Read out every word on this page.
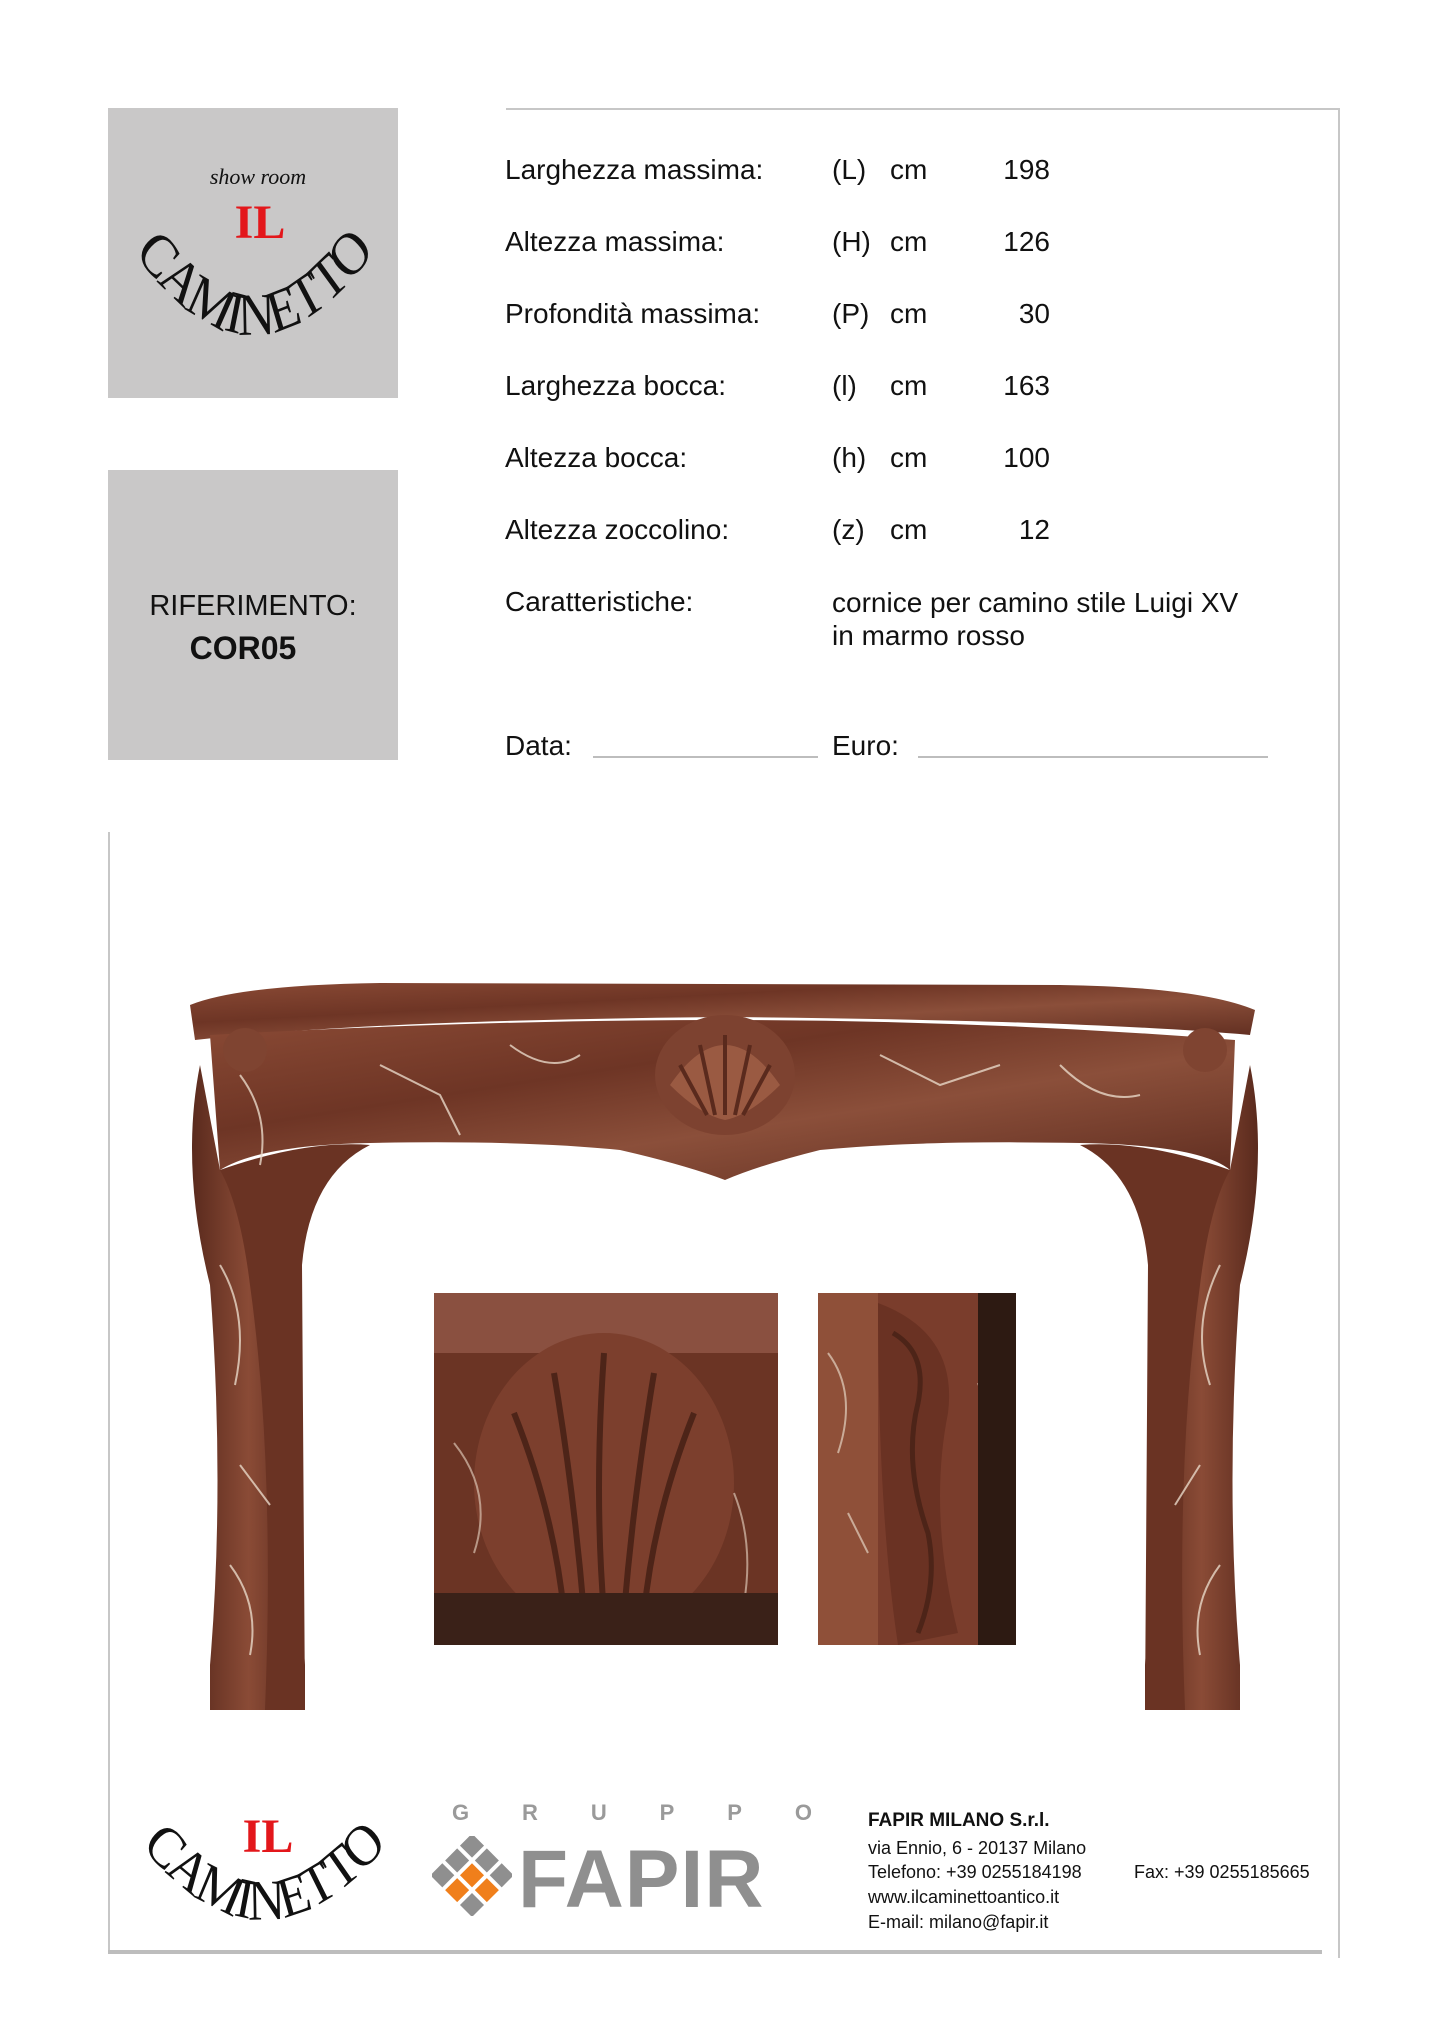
show room
IL
CAMINETTO
RIFERIMENTO:
COR05
Larghezza massima: (L) cm	198
Altezza massima:	(H) cm	126
Profondità massima:	(P) cm	30
Larghezza bocca:	(l) cm	163
Altezza bocca:	(h) cm	100
Altezza zoccolino:	(z) cm	12
Caratteristiche:	cornice per camino stile Luigi XV
in marmo rosso
Data:	Euro:
IL
CAMINETTO	G R U P P O
FAPIR
FAPIR MILANO S.r.l.
via Ennio, 6 - 20137 Milano
Telefono: +39 0255184198	Fax: +39 0255185665
www.ilcaminettoantico.it
E-mail: milano@fapir.it
